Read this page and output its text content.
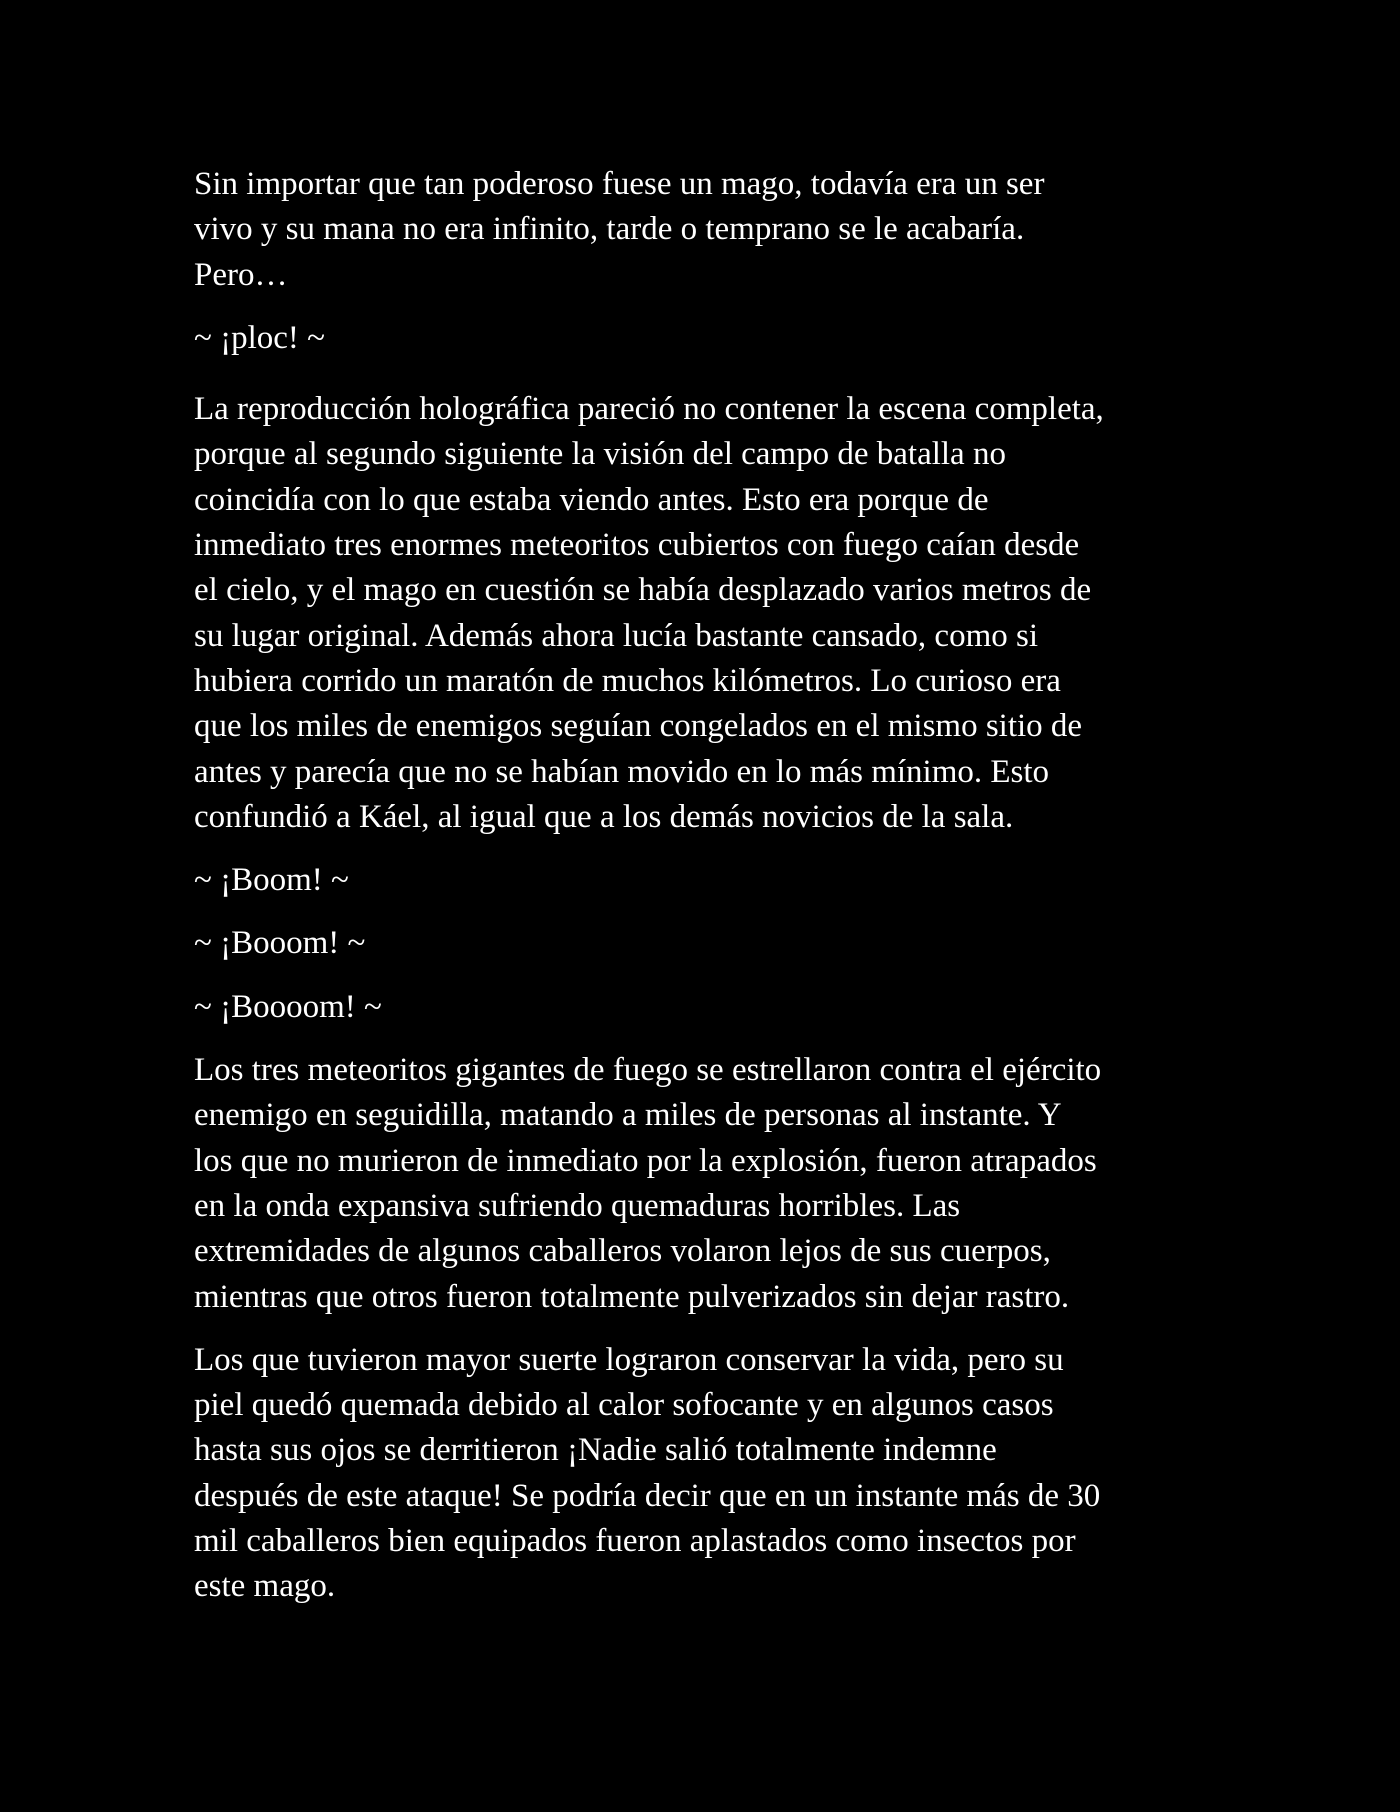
Sin importar que tan poderoso fuese un mago, todavía era un ser
vivo y su mana no era infinito, tarde o temprano se le acabaría.
Pero…

~ ¡ploc! ~

La reproducción holográfica pareció no contener la escena completa,
porque al segundo siguiente la visión del campo de batalla no
coincidía con lo que estaba viendo antes. Esto era porque de
inmediato tres enormes meteoritos cubiertos con fuego caían desde
el cielo, y el mago en cuestión se había desplazado varios metros de
su lugar original. Además ahora lucía bastante cansado, como si
hubiera corrido un maratón de muchos kilómetros. Lo curioso era
que los miles de enemigos seguían congelados en el mismo sitio de
antes y parecía que no se habían movido en lo más mínimo. Esto
confundió a Káel, al igual que a los demás novicios de la sala.

~ ¡Boom! ~

~ ¡Booom! ~

~ ¡Boooom! ~

Los tres meteoritos gigantes de fuego se estrellaron contra el ejército
enemigo en seguidilla, matando a miles de personas al instante. Y
los que no murieron de inmediato por la explosión, fueron atrapados
en la onda expansiva sufriendo quemaduras horribles. Las
extremidades de algunos caballeros volaron lejos de sus cuerpos,
mientras que otros fueron totalmente pulverizados sin dejar rastro.

Los que tuvieron mayor suerte lograron conservar la vida, pero su
piel quedó quemada debido al calor sofocante y en algunos casos
hasta sus ojos se derritieron ¡Nadie salió totalmente indemne
después de este ataque! Se podría decir que en un instante más de 30
mil caballeros bien equipados fueron aplastados como insectos por
este mago.
